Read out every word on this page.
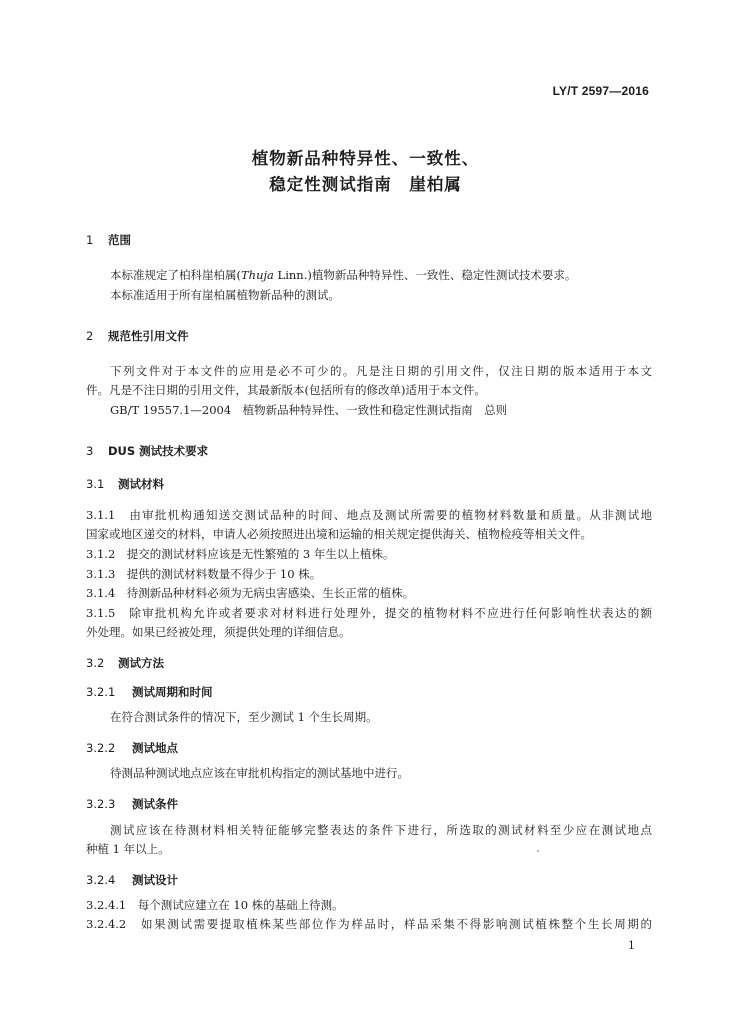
LY/T 2597—2016
植物新品种特异性、一致性、
稳定性测试指南　崖柏属
1 范围
本标准规定了柏科崖柏属(Thuja Linn.)植物新品种特异性、一致性、稳定性测试技术要求。
本标准适用于所有崖柏属植物新品种的测试。
2 规范性引用文件
下列文件对于本文件的应用是必不可少的。凡是注日期的引用文件，仅注日期的版本适用于本文
件。凡是不注日期的引用文件，其最新版本(包括所有的修改单)适用于本文件。
GB/T 19557.1—2004　植物新品种特异性、一致性和稳定性测试指南　总则
3 DUS 测试技术要求
3.1 测试材料
3.1.1　由审批机构通知送交测试品种的时间、地点及测试所需要的植物材料数量和质量。从非测试地
国家或地区递交的材料，申请人必须按照进出境和运输的相关规定提供海关、植物检疫等相关文件。
3.1.2　提交的测试材料应该是无性繁殖的 3 年生以上植株。
3.1.3　提供的测试材料数量不得少于 10 株。
3.1.4　待测新品种材料必须为无病虫害感染、生长正常的植株。
3.1.5　除审批机构允许或者要求对材料进行处理外，提交的植物材料不应进行任何影响性状表达的额
外处理。如果已经被处理，须提供处理的详细信息。
3.2 测试方法
3.2.1 测试周期和时间
在符合测试条件的情况下，至少测试 1 个生长周期。
3.2.2 测试地点
待测品种测试地点应该在审批机构指定的测试基地中进行。
3.2.3 测试条件
测试应该在待测材料相关特征能够完整表达的条件下进行，所选取的测试材料至少应在测试地点
种植 1 年以上。
3.2.4 测试设计
3.2.4.1　每个测试应建立在 10 株的基础上待测。
3.2.4.2　如果测试需要提取植株某些部位作为样品时，样品采集不得影响测试植株整个生长周期的
1
